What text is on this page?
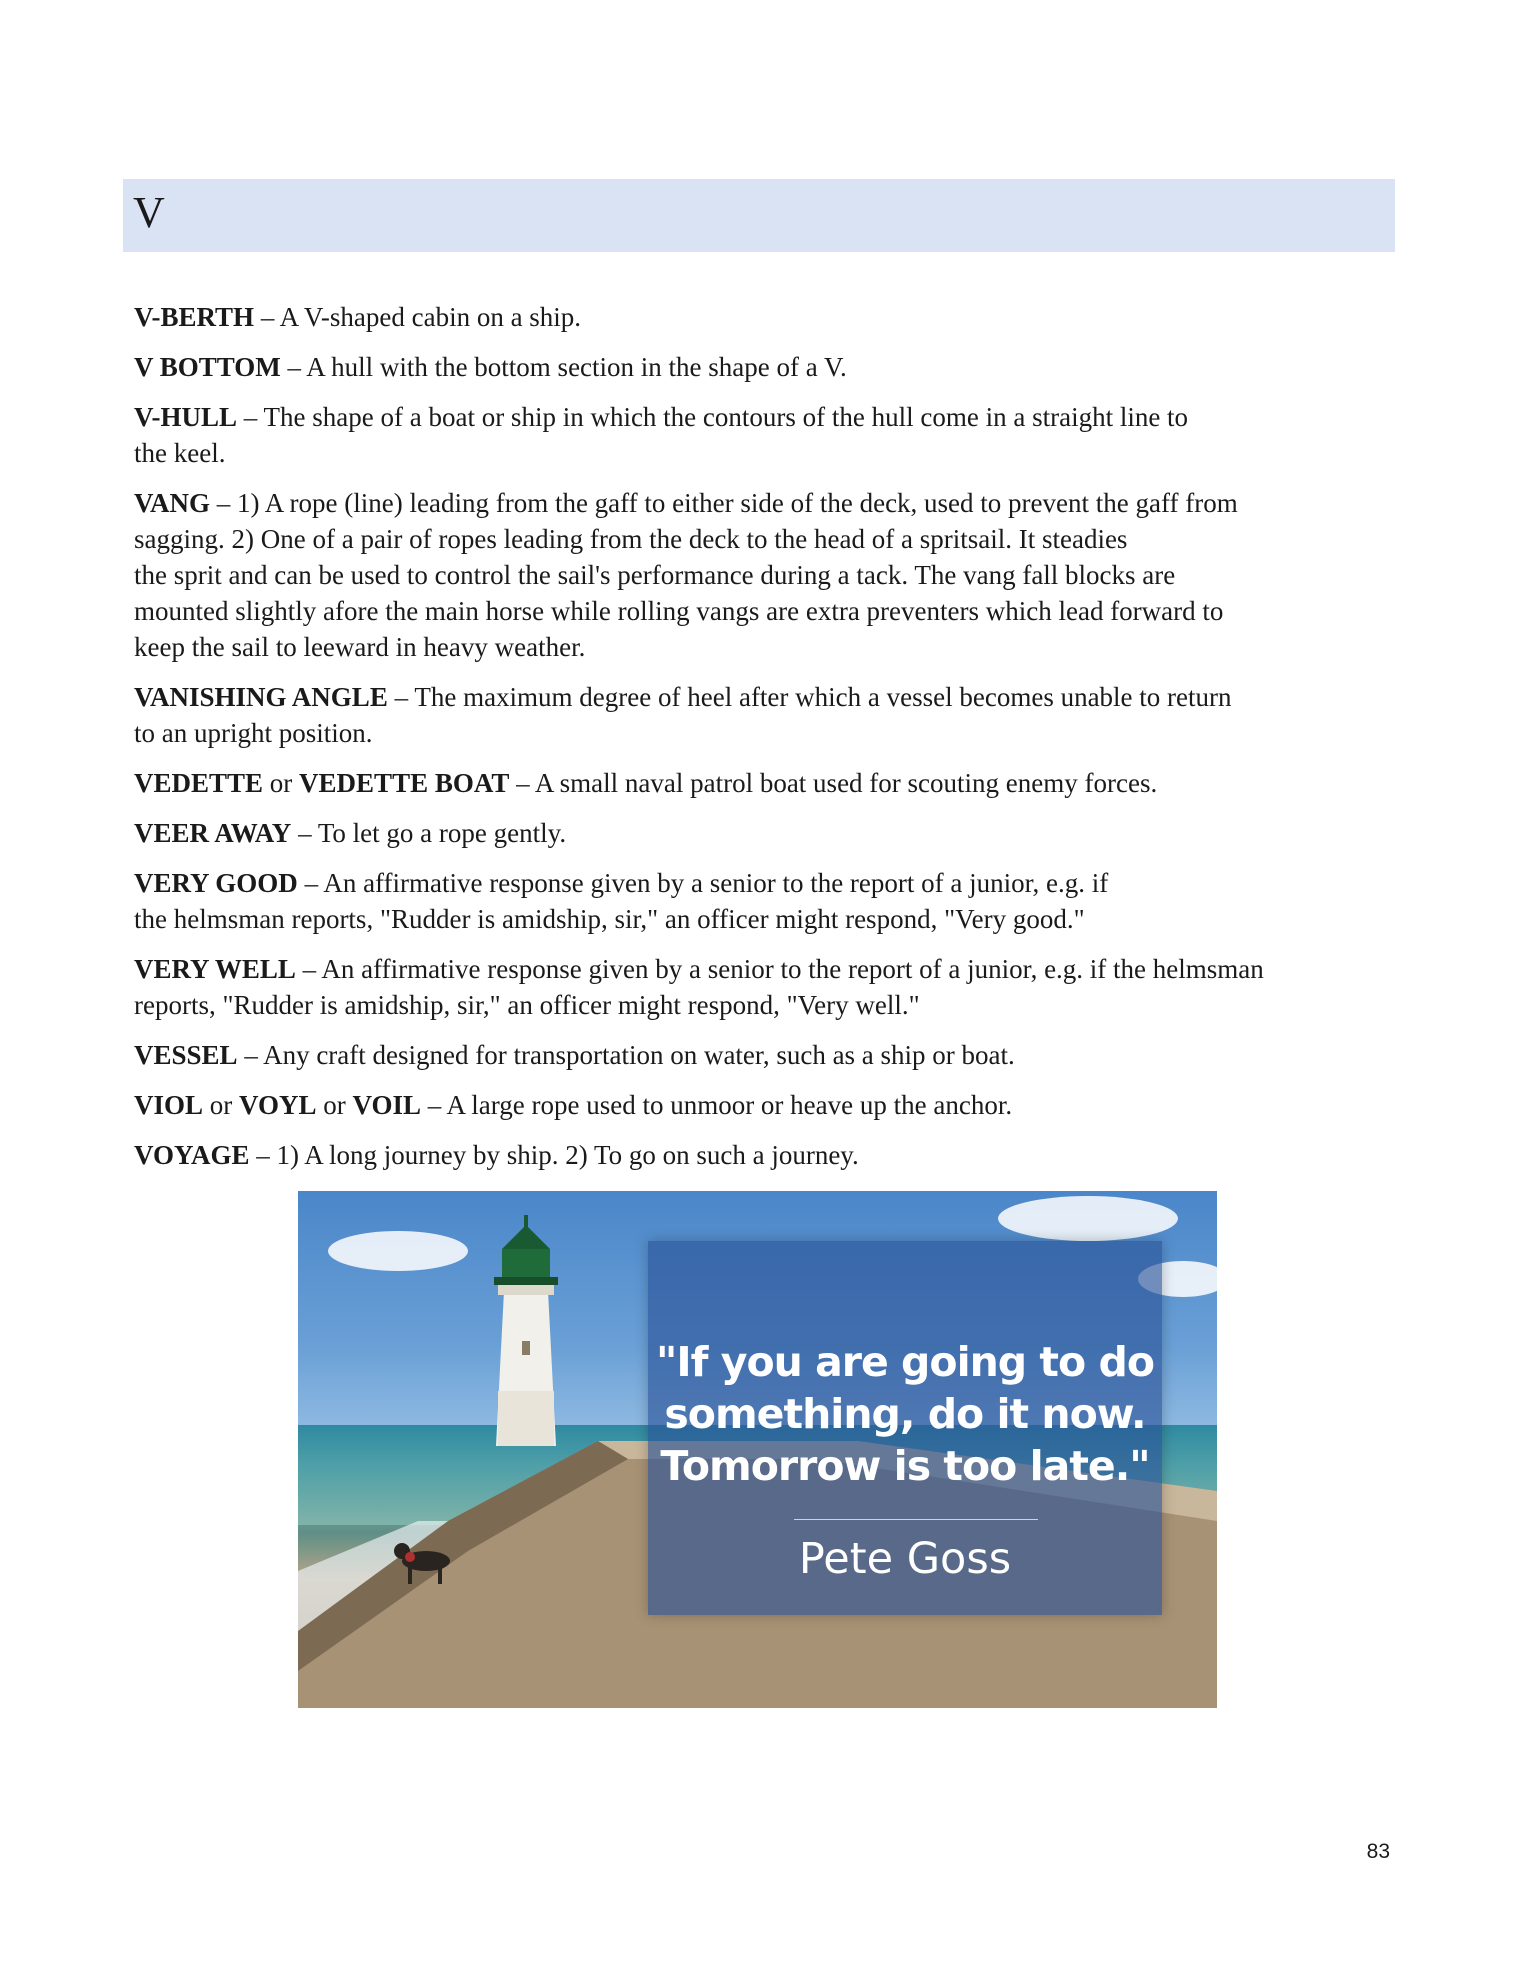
V

V-BERTH – A V-shaped cabin on a ship.

V BOTTOM – A hull with the bottom section in the shape of a V.

V-HULL – The shape of a boat or ship in which the contours of the hull come in a straight line to
the keel.

VANG – 1) A rope (line) leading from the gaff to either side of the deck, used to prevent the gaff from
sagging. 2) One of a pair of ropes leading from the deck to the head of a spritsail. It steadies
the sprit and can be used to control the sail's performance during a tack. The vang fall blocks are
mounted slightly afore the main horse while rolling vangs are extra preventers which lead forward to
keep the sail to leeward in heavy weather.

VANISHING ANGLE – The maximum degree of heel after which a vessel becomes unable to return
to an upright position.

VEDETTE or VEDETTE BOAT – A small naval patrol boat used for scouting enemy forces.

VEER AWAY – To let go a rope gently.

VERY GOOD – An affirmative response given by a senior to the report of a junior, e.g. if
the helmsman reports, "Rudder is amidship, sir," an officer might respond, "Very good."

VERY WELL – An affirmative response given by a senior to the report of a junior, e.g. if the helmsman
reports, "Rudder is amidship, sir," an officer might respond, "Very well."

VESSEL – Any craft designed for transportation on water, such as a ship or boat.

VIOL or VOYL or VOIL – A large rope used to unmoor or heave up the anchor.

VOYAGE – 1) A long journey by ship. 2) To go on such a journey.

"If you are going to do
something, do it now.
Tomorrow is too late."
Pete Goss
83
